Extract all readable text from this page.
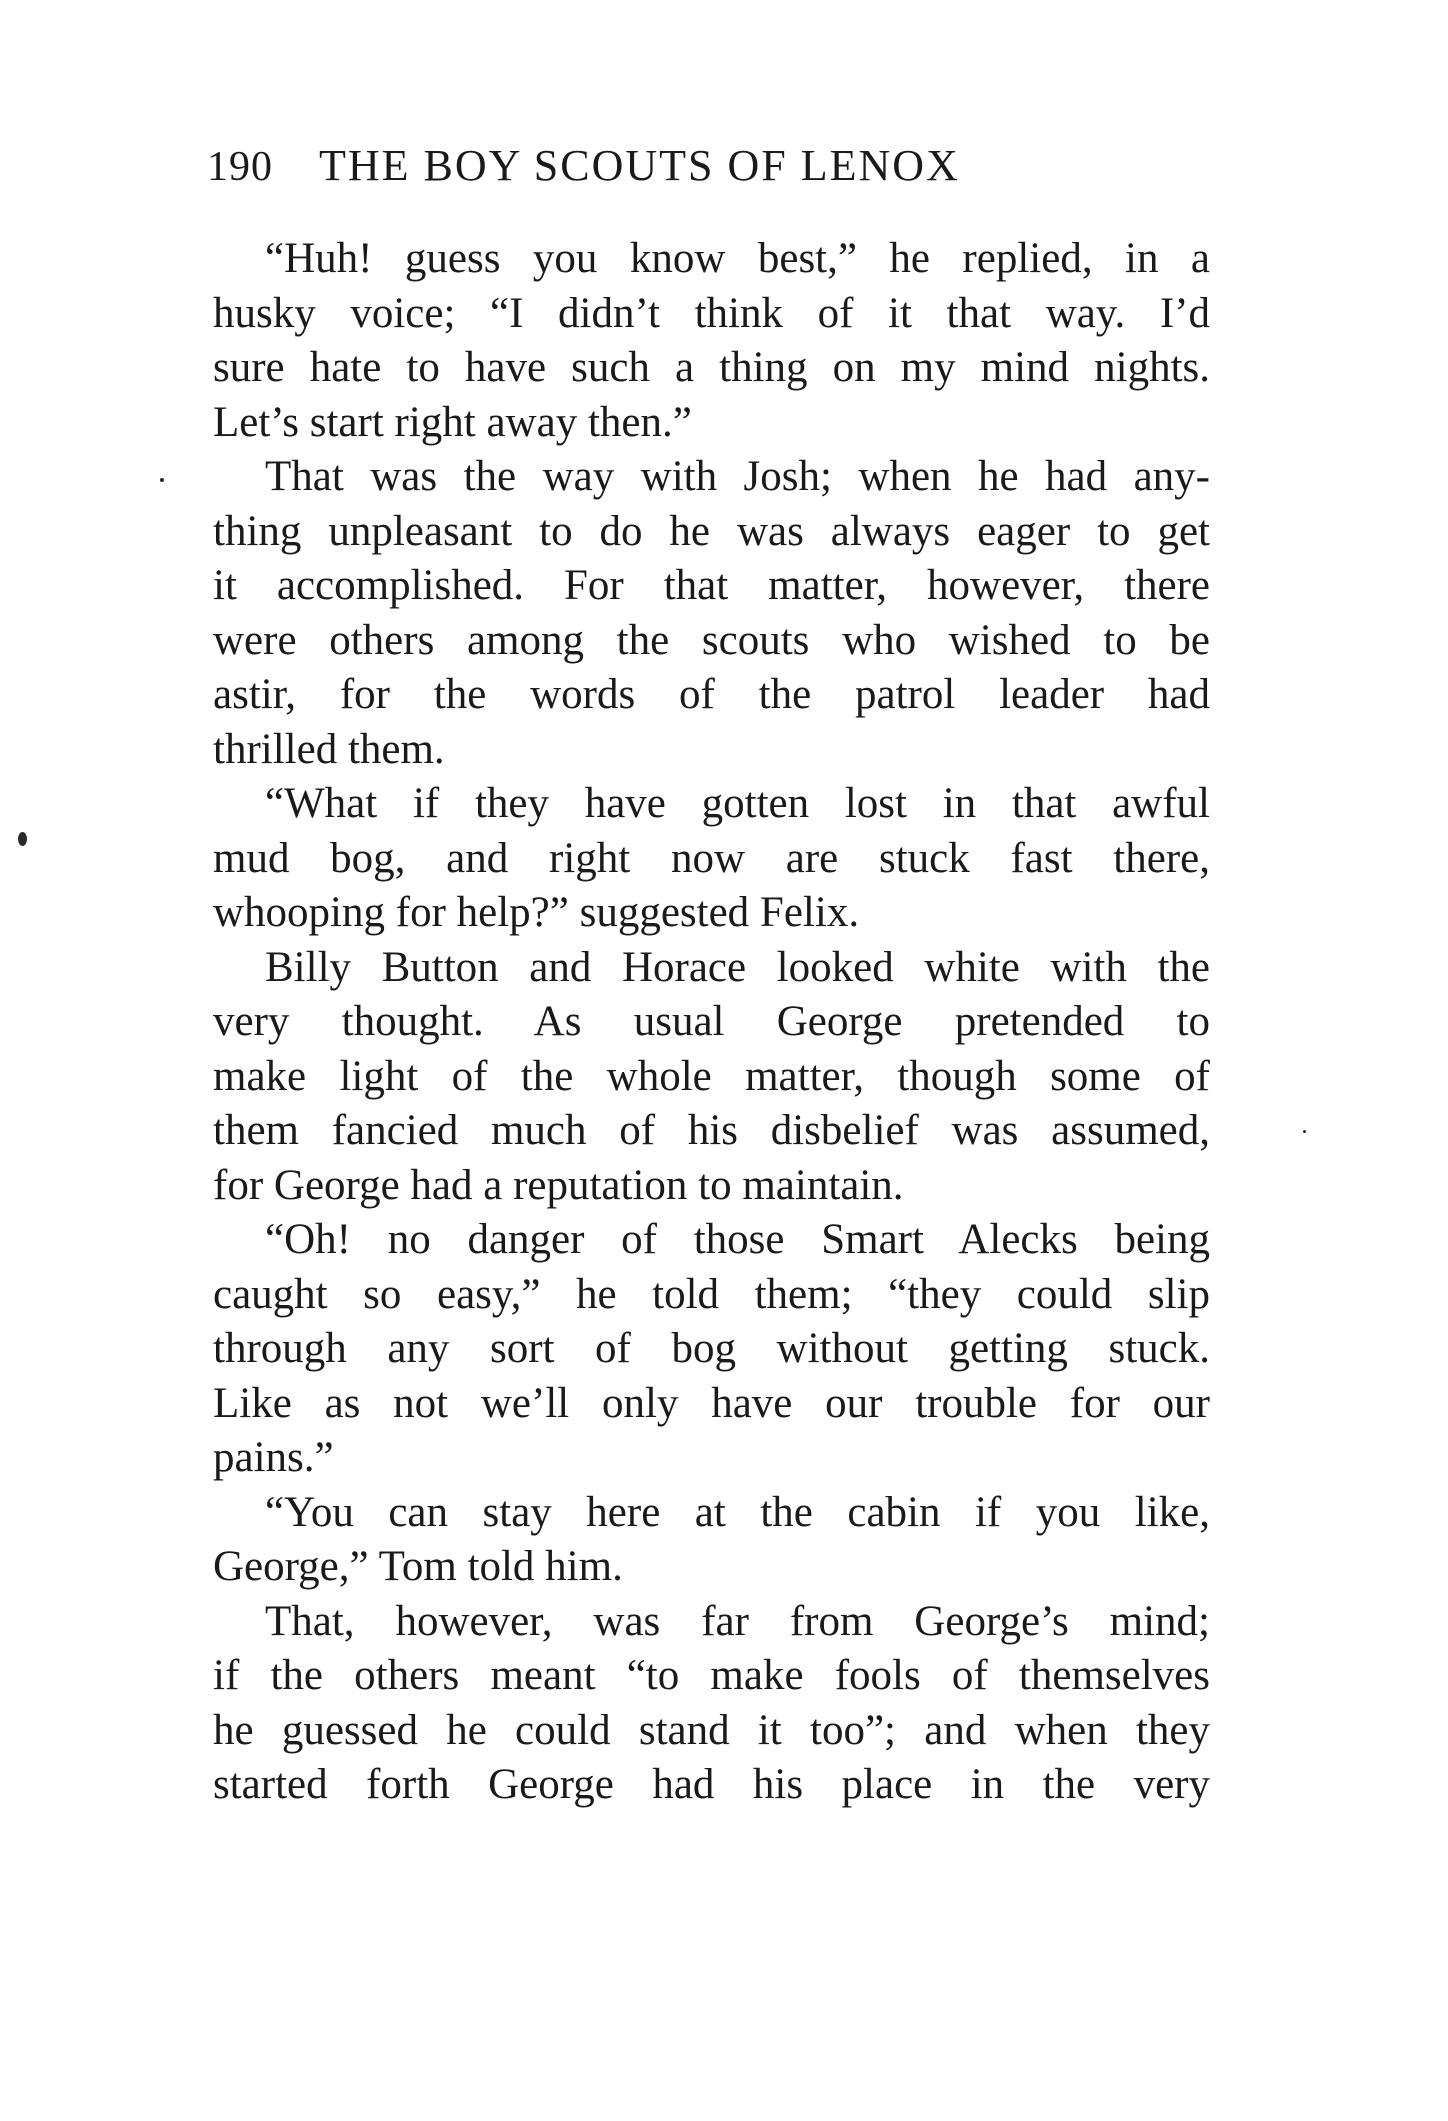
190 THE BOY SCOUTS OF LENOX

“Huh! guess you know best,” he replied, in a
husky voice; “I didn’t think of it that way. I’d
sure hate to have such a thing on my mind nights.
Let’s start right away then.”

That was the way with Josh; when he had any-
thing unpleasant to do he was always eager to get
it accomplished. For that matter, however, there
were others among the scouts who wished to be
astir, for the words of the patrol leader had
thrilled them.

“What if they have gotten lost in that awful
mud bog, and right now are stuck fast there,
whooping for help?” suggested Felix.

Billy Button and Horace looked white with the
very thought. As usual George pretended to
make light of the whole matter, though some of
them fancied much of his disbelief was assumed,
for George had a reputation to maintain.

“Oh! no danger of those Smart Alecks being
caught so easy,” he told them; “they could slip
through any sort of bog without getting stuck.
Like as not we’ll only have our trouble for our
pains.”

“You can stay here at the cabin if you like,
George,” Tom told him.

That, however, was far from George’s mind;
if the others meant “to make fools of themselves
he guessed he could stand it too”; and when they
started forth George had his place in the very
